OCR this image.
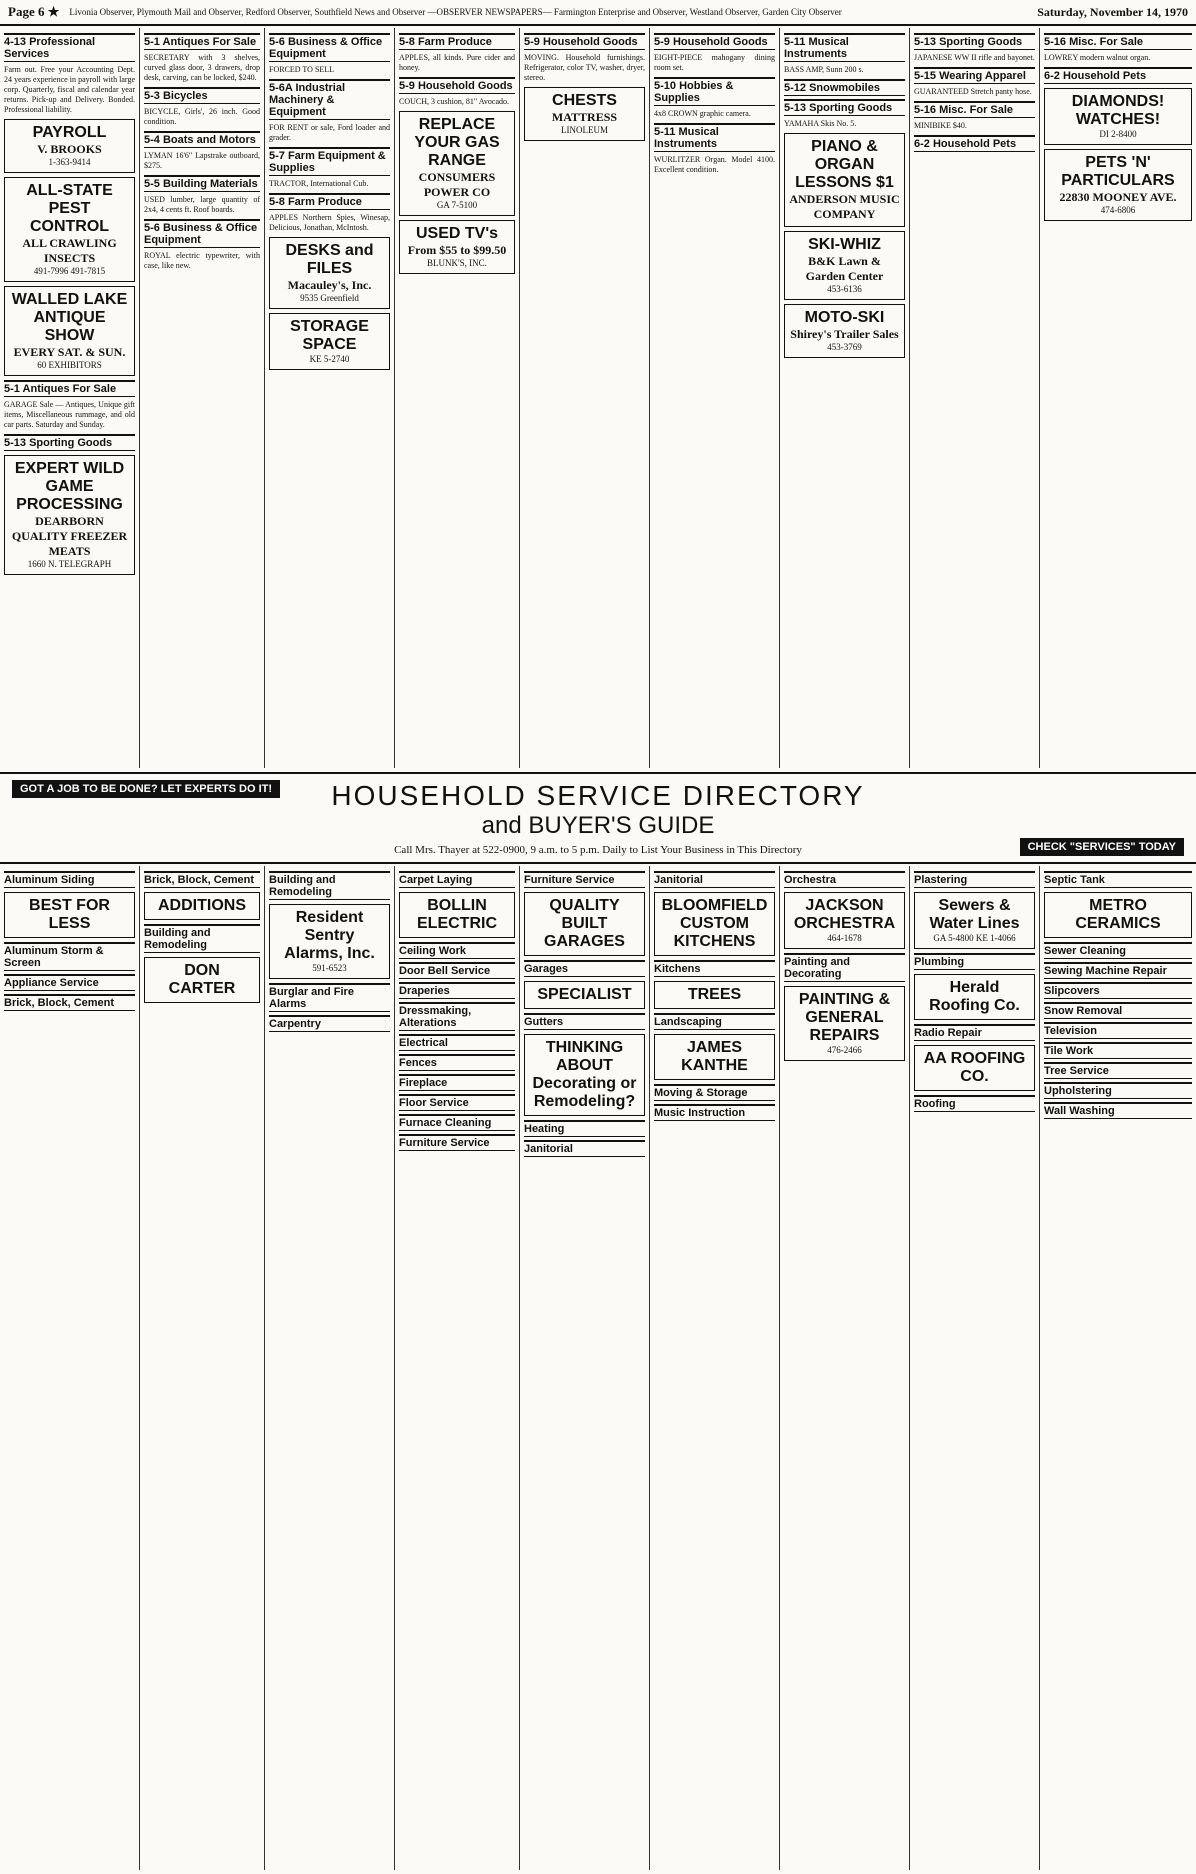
Page 6 ★ Livonia Observer, Plymouth Mail and Observer, Redford Observer, Southfield News and Observer —OBSERVER NEWSPAPERS— Farmington Enterprise and Observer, Westland Observer, Garden City Observer	Saturday, November 14, 1970
4-13 Professional Services
Farm out. Free your Accounting Dept. 24 years experience in payroll with large corp. Quarterly, fiscal and calendar year returns. Pick-up and Delivery. Bonded. Professional liability.
PAYROLL
V. BROOKS
1-363-9414
ALL-STATE PEST CONTROL
ALL CRAWLING INSECTS
491-7996 491-7815
WALLED LAKE ANTIQUE SHOW
EVERY SAT. & SUN.
60 EXHIBITORS
5-1 Antiques For Sale
GARAGE Sale — Antiques, Unique gift items, Miscellaneous rummage, and old car parts. Saturday and Sunday.
5-13 Sporting Goods
EXPERT WILD GAME PROCESSING
DEARBORN QUALITY FREEZER MEATS
1660 N. TELEGRAPH
5-1 Antiques For Sale
SECRETARY with 3 shelves, curved glass door, 3 drawers, drop desk, carving, can be locked, $240.
5-3 Bicycles
BICYCLE, Girls', 26 inch. Good condition.
5-4 Boats and Motors
LYMAN 16'6" Lapstrake outboard, $275.
5-5 Building Materials
USED lumber, large quantity of 2x4, 4 cents ft. Roof boards.
5-6 Business & Office Equipment
ROYAL electric typewriter, with case, like new.
5-6 Business & Office Equipment
FORCED TO SELL
5-6A Industrial Machinery & Equipment
FOR RENT or sale, Ford loader and grader.
5-7 Farm Equipment & Supplies
TRACTOR, International Cub.
5-8 Farm Produce
APPLES Northern Spies, Winesap, Delicious, Jonathan, McIntosh.
DESKS and FILES
Macauley's, Inc.
9535 Greenfield
STORAGE SPACE
KE 5-2740
5-8 Farm Produce
APPLES, all kinds. Pure cider and honey.
5-9 Household Goods
COUCH, 3 cushion, 81" Avocado.
REPLACE YOUR GAS RANGE
CONSUMERS POWER CO
GA 7-5100
USED TV's
From $55 to $99.50
BLUNK'S, INC.
5-9 Household Goods
MOVING. Household furnishings. Refrigerator, color TV, washer, dryer, stereo.
CHESTS
MATTRESS
LINOLEUM
5-9 Household Goods
EIGHT-PIECE mahogany dining room set.
5-10 Hobbies & Supplies
4x8 CROWN graphic camera.
5-11 Musical Instruments
WURLITZER Organ. Model 4100. Excellent condition.
5-11 Musical Instruments
BASS AMP, Sunn 200 s.
5-12 Snowmobiles
5-13 Sporting Goods
YAMAHA Skis No. 5.
PIANO & ORGAN LESSONS $1
ANDERSON MUSIC COMPANY
SKI-WHIZ
B&K Lawn & Garden Center
453-6136
MOTO-SKI
Shirey's Trailer Sales
453-3769
5-13 Sporting Goods
JAPANESE WW II rifle and bayonet.
5-15 Wearing Apparel
GUARANTEED Stretch panty hose.
5-16 Misc. For Sale
MINIBIKE $40.
6-2 Household Pets
5-16 Misc. For Sale
LOWREY modern walnut organ.
6-2 Household Pets
DIAMONDS! WATCHES!
DI 2-8400
PETS 'N' PARTICULARS
22830 MOONEY AVE.
474-6806
GOT A JOB TO BE DONE? LET EXPERTS DO IT!	HOUSEHOLD SERVICE DIRECTORY
and BUYER'S GUIDE
Call Mrs. Thayer at 522-0900, 9 a.m. to 5 p.m. Daily to List Your Business in This Directory	CHECK "SERVICES" TODAY
Aluminum Siding
BEST FOR LESS
Aluminum Storm & Screen
Appliance Service
Brick, Block, Cement
Brick, Block, Cement
ADDITIONS
Building and Remodeling
DON CARTER
Building and Remodeling
Resident Sentry Alarms, Inc.
591-6523
Burglar and Fire Alarms
Carpentry
Carpet Laying
BOLLIN ELECTRIC
Ceiling Work
Door Bell Service
Draperies
Dressmaking, Alterations
Electrical
Fences
Fireplace
Floor Service
Furnace Cleaning
Furniture Service
Furniture Service
QUALITY BUILT GARAGES
Garages
SPECIALIST
Gutters
THINKING ABOUT Decorating or Remodeling?
Heating
Janitorial
Janitorial
BLOOMFIELD CUSTOM KITCHENS
Kitchens
TREES
Landscaping
JAMES KANTHE
Moving & Storage
Music Instruction
Orchestra
JACKSON ORCHESTRA
464-1678
Painting and Decorating
PAINTING & GENERAL REPAIRS
476-2466
Plastering
Sewers & Water Lines
GA 5-4800 KE 1-4066
Plumbing
Herald Roofing Co.
Radio Repair
AA ROOFING CO.
Roofing
Septic Tank
METRO CERAMICS
Sewer Cleaning
Sewing Machine Repair
Slipcovers
Snow Removal
Television
Tile Work
Tree Service
Upholstering
Wall Washing
